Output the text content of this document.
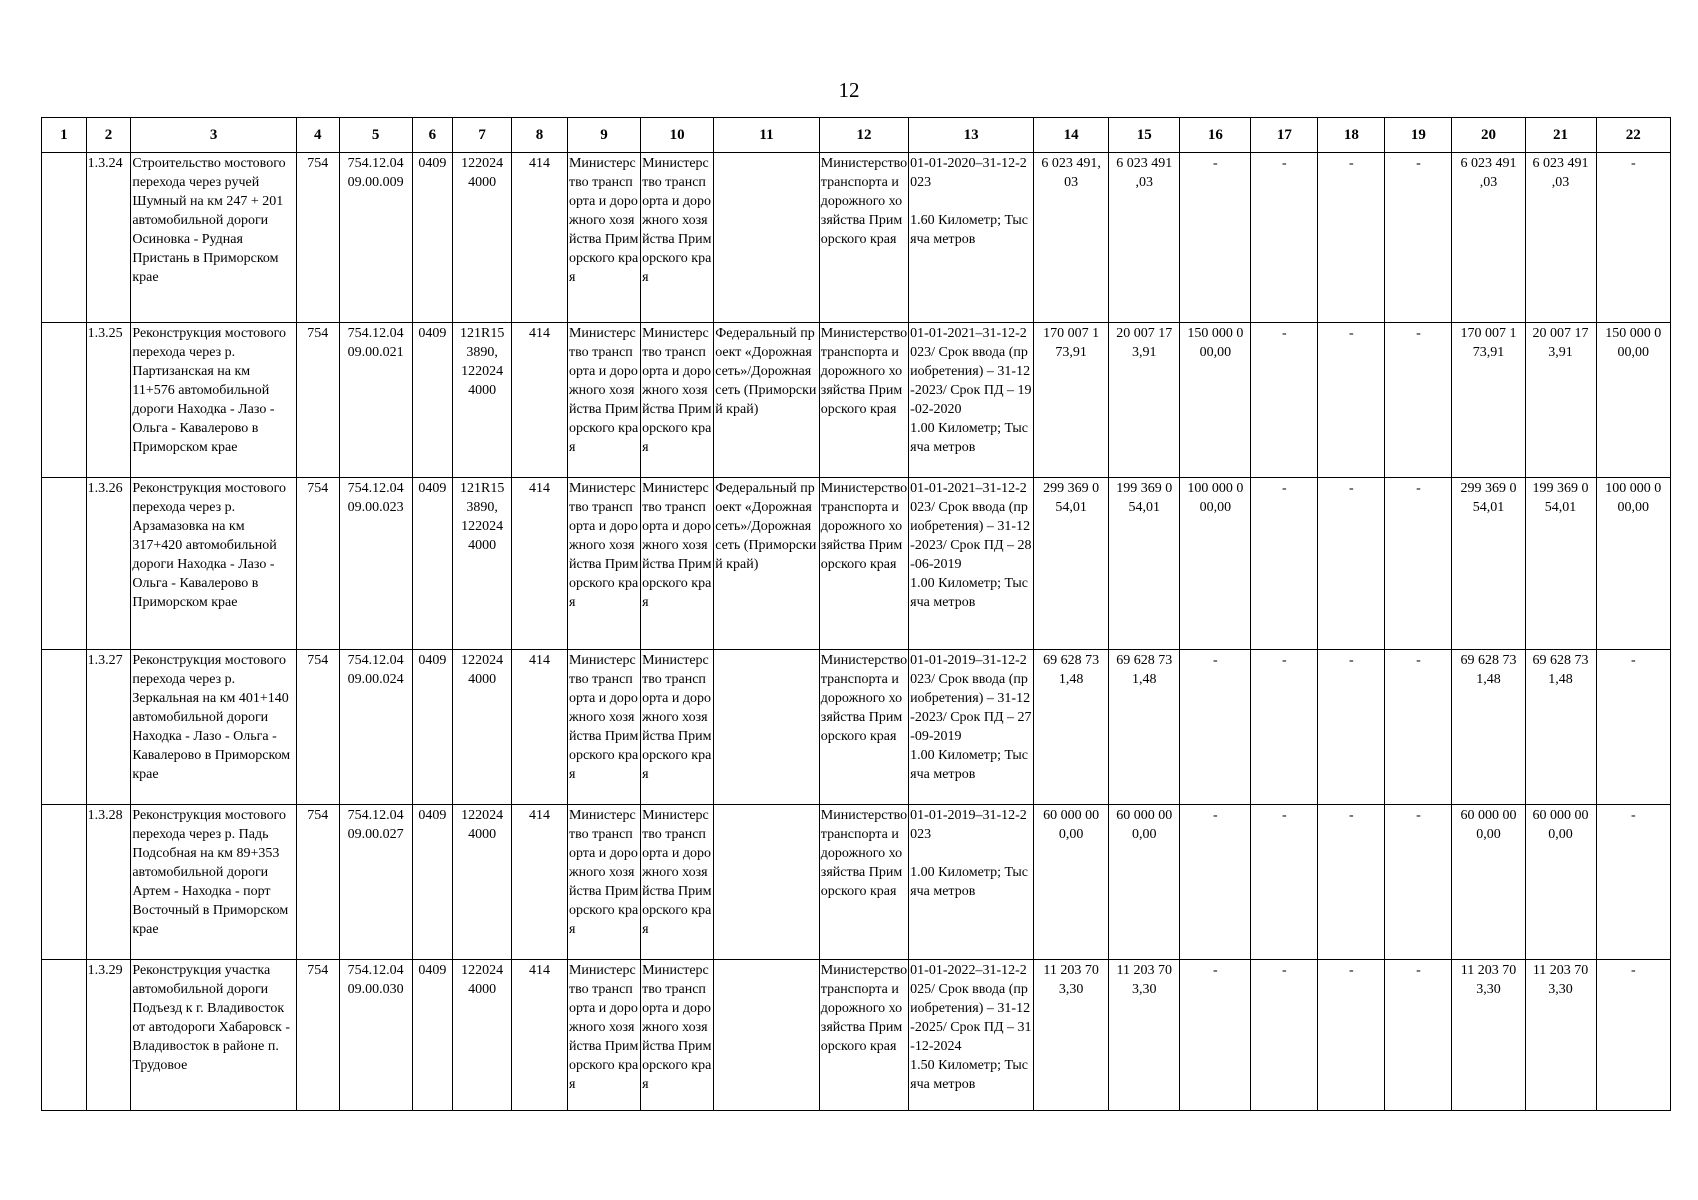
12
1	2	3	4	5	6	7	8	9	10	11	12	13	14	15	16	17	18	19	20	21	22
	1.3.24	Строительство мостового перехода через ручей Шумный на км 247 + 201 автомобильной дороги Осиновка - Рудная Пристань в Приморском крае	754	754.12.04
09.00.009	0409	122024
4000	414	Министерство транспорта и дорожного хозяйства Приморского края	Министерство транспорта и дорожного хозяйства Приморского края		Министерство транспорта и дорожного хозяйства Приморского края	01-01-2020–31-12-2023

1.60 Километр; Тысяча метров	6 023 491,
03	6 023 491
,03	-	-	-	-	6 023 491
,03	6 023 491
,03	-
	1.3.25	Реконструкция мостового перехода через р. Партизанская на км 11+576 автомобильной дороги Находка - Лазо - Ольга - Кавалерово в Приморском крае	754	754.12.04
09.00.021	0409	121R15
3890,
122024
4000	414	Министерство транспорта и дорожного хозяйства Приморского края	Министерство транспорта и дорожного хозяйства Приморского края	Федеральный проект «Дорожная сеть»/Дорожная сеть (Приморский край)	Министерство транспорта и дорожного хозяйства Приморского края	01-01-2021–31-12-2023/ Срок ввода (приобретения) – 31-12-2023/ Срок ПД – 19-02-2020
1.00 Километр; Тысяча метров	170 007 1
73,91	20 007 17
3,91	150 000 0
00,00	-	-	-	170 007 1
73,91	20 007 17
3,91	150 000 0
00,00
	1.3.26	Реконструкция мостового перехода через р. Арзамазовка на км 317+420 автомобильной дороги Находка - Лазо - Ольга - Кавалерово в Приморском крае	754	754.12.04
09.00.023	0409	121R15
3890,
122024
4000	414	Министерство транспорта и дорожного хозяйства Приморского края	Министерство транспорта и дорожного хозяйства Приморского края	Федеральный проект «Дорожная сеть»/Дорожная сеть (Приморский край)	Министерство транспорта и дорожного хозяйства Приморского края	01-01-2021–31-12-2023/ Срок ввода (приобретения) – 31-12-2023/ Срок ПД – 28-06-2019
1.00 Километр; Тысяча метров	299 369 0
54,01	199 369 0
54,01	100 000 0
00,00	-	-	-	299 369 0
54,01	199 369 0
54,01	100 000 0
00,00
	1.3.27	Реконструкция мостового перехода через р. Зеркальная на км 401+140 автомобильной дороги Находка - Лазо - Ольга - Кавалерово в Приморском крае	754	754.12.04
09.00.024	0409	122024
4000	414	Министерство транспорта и дорожного хозяйства Приморского края	Министерство транспорта и дорожного хозяйства Приморского края		Министерство транспорта и дорожного хозяйства Приморского края	01-01-2019–31-12-2023/ Срок ввода (приобретения) – 31-12-2023/ Срок ПД – 27-09-2019
1.00 Километр; Тысяча метров	69 628 73
1,48	69 628 73
1,48	-	-	-	-	69 628 73
1,48	69 628 73
1,48	-
	1.3.28	Реконструкция мостового перехода через р. Падь Подсобная на км 89+353 автомобильной дороги Артем - Находка - порт Восточный в Приморском крае	754	754.12.04
09.00.027	0409	122024
4000	414	Министерство транспорта и дорожного хозяйства Приморского края	Министерство транспорта и дорожного хозяйства Приморского края		Министерство транспорта и дорожного хозяйства Приморского края	01-01-2019–31-12-2023

1.00 Километр; Тысяча метров	60 000 00
0,00	60 000 00
0,00	-	-	-	-	60 000 00
0,00	60 000 00
0,00	-
	1.3.29	Реконструкция участка автомобильной дороги Подъезд к г. Владивосток от автодороги Хабаровск - Владивосток в районе п. Трудовое	754	754.12.04
09.00.030	0409	122024
4000	414	Министерство транспорта и дорожного хозяйства Приморского края	Министерство транспорта и дорожного хозяйства Приморского края		Министерство транспорта и дорожного хозяйства Приморского края	01-01-2022–31-12-2025/ Срок ввода (приобретения) – 31-12-2025/ Срок ПД – 31-12-2024
1.50 Километр; Тысяча метров	11 203 70
3,30	11 203 70
3,30	-	-	-	-	11 203 70
3,30	11 203 70
3,30	-
